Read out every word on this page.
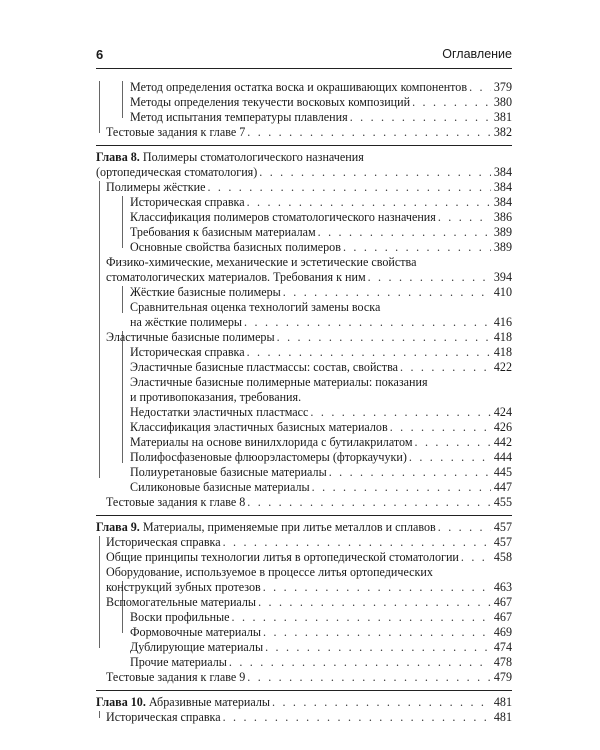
6	Оглавление
Метод определения остатка воска и окрашивающих компонентов . . . 379
Методы определения текучести восковых композиций . . .	380
Метод испытания температуры плавления . . .	381
Тестовые задания к главе 7 . . .	382
Глава 8. Полимеры стоматологического назначения
(ортопедическая стоматология) . . .	384
Полимеры жёсткие . . .	384
Историческая справка . . .	384
Классификация полимеров стоматологического назначения . . .	386
Требования к базисным материалам . . .	389
Основные свойства базисных полимеров . . .	389
Физико-химические, механические и эстетические свойства
стоматологических материалов. Требования к ним . . .	394
Жёсткие базисные полимеры . . .	410
Сравнительная оценка технологий замены воска
на жёсткие полимеры . . .	416
Эластичные базисные полимеры . . .	418
Историческая справка . . .	418
Эластичные базисные пластмассы: состав, свойства . . .	422
Эластичные базисные полимерные материалы: показания
и противопоказания, требования.
Недостатки эластичных пластмасс . . .	424
Классификация эластичных базисных материалов . . .	426
Материалы на основе винилхлорида с бутилакрилатом . . .	442
Полифосфазеновые флюорэластомеры (фторкаучуки) . . .	444
Полиуретановые базисные материалы . . .	445
Силиконовые базисные материалы . . .	447
Тестовые задания к главе 8 . . .	455
Глава 9. Материалы, применяемые при литье металлов и сплавов . . .	457
Историческая справка . . .	457
Общие принципы технологии литья в ортопедической стоматологии . . .	458
Оборудование, используемое в процессе литья ортопедических
конструкций зубных протезов . . .	463
Вспомогательные материалы . . .	467
Воски профильные . . .	467
Формовочные материалы . . .	469
Дублирующие материалы . . .	474
Прочие материалы . . .	478
Тестовые задания к главе 9 . . .	479
Глава 10. Абразивные материалы . . .	481
Историческая справка . . .	481
